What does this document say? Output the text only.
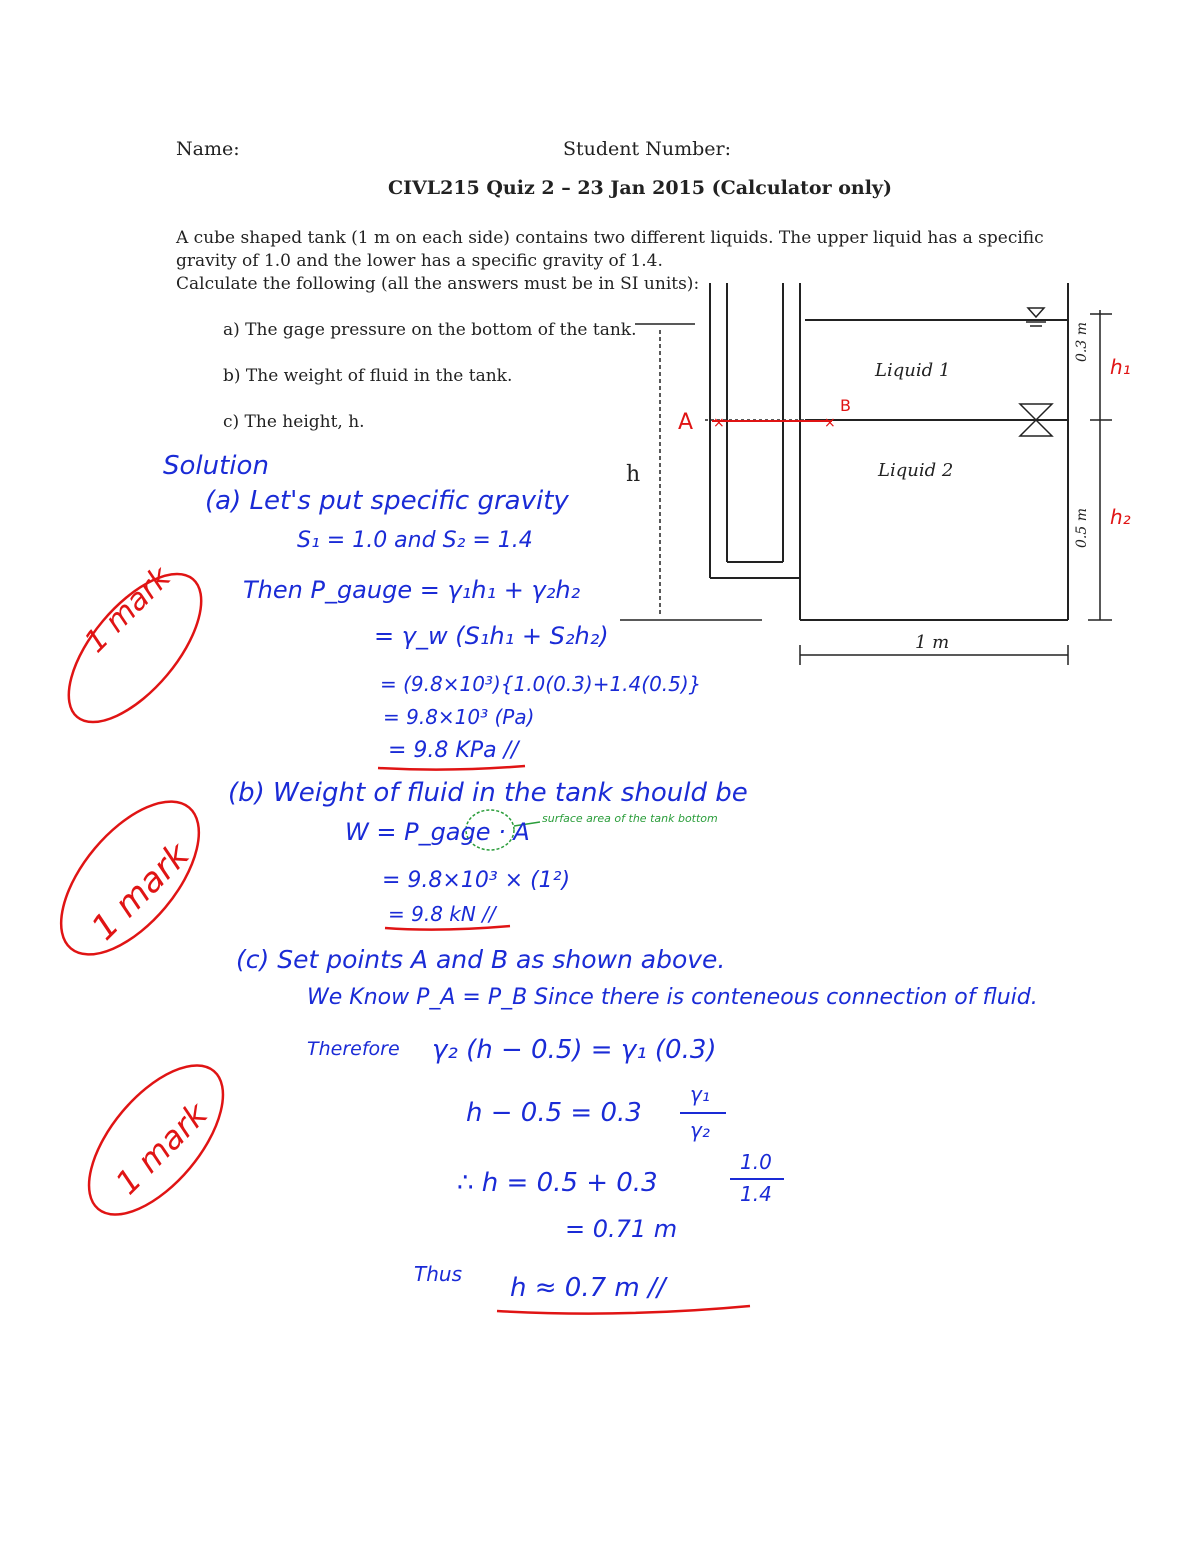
Name:	Student Number:
CIVL215 Quiz 2 – 23 Jan 2015 (Calculator only)
A cube shaped tank (1 m on each side) contains two different liquids. The upper liquid has a specific
gravity of 1.0 and the lower has a specific gravity of 1.4.
Calculate the following (all the answers must be in SI units):
a) The gage pressure on the bottom of the tank.
b) The weight of fluid in the tank.
c) The height, h.	×	×
A
B
h
Liquid 1
Liquid 2
0.3 m
0.5 m
h₁
h₂
1 m
Solution
(a) Let's put specific gravity
S₁ = 1.0 and S₂ = 1.4
Then P_gauge = γ₁h₁ + γ₂h₂
= γ_w (S₁h₁ + S₂h₂)
= (9.8×10³){1.0(0.3)+1.4(0.5)}
= 9.8×10³ (Pa)
= 9.8 KPa //
(b) Weight of fluid in the tank should be
W = P_gage · A surface area of the tank bottom
= 9.8×10³ × (1²)
= 9.8 kN //
(c) Set points A and B as shown above.
We Know P_A = P_B Since there is conteneous connection of fluid.
Therefore γ₂ (h − 0.5) = γ₁ (0.3)
h − 0.5 = 0.3
γ₁
γ₂
∴ h = 0.5 + 0.3
1.0
1.4
= 0.71 m
Thus h ≈ 0.7 m //
1 mark
1 mark
1 mark
